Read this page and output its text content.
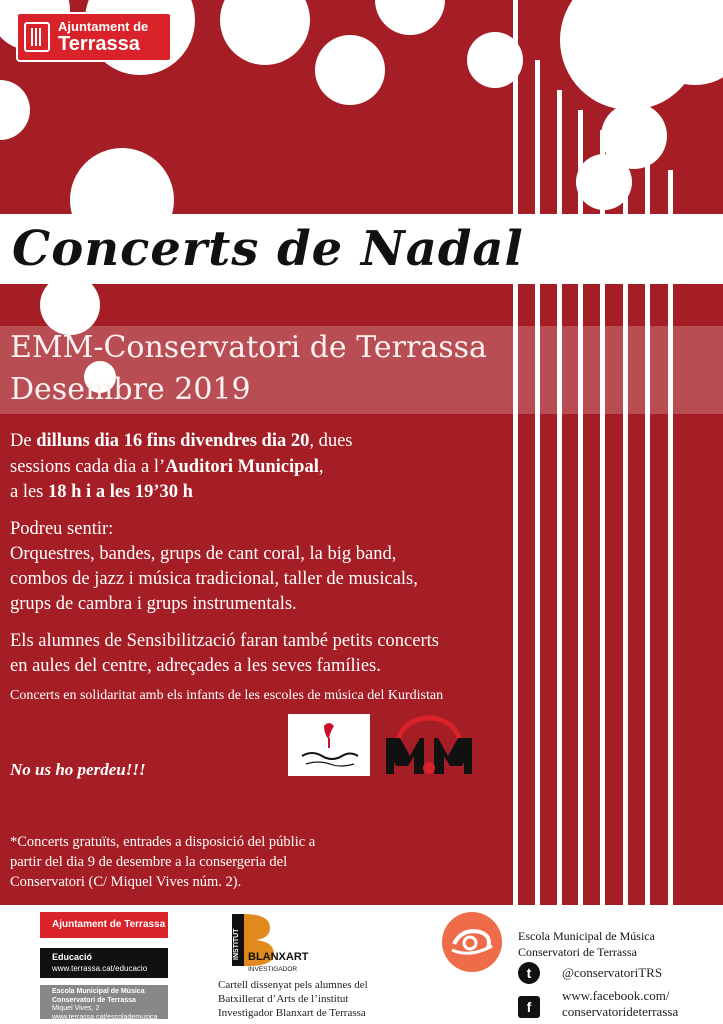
Ajuntament de
Terrassa
Concerts de Nadal
EMM-Conservatori de Terrassa
Desembre 2019
De dilluns dia 16 fins divendres dia 20, dues
sessions cada dia a l’Auditori Municipal,
a les 18 h i a les 19’30 h
Podreu sentir:
Orquestres, bandes, grups de cant coral, la big band,
combos de jazz i música tradicional, taller de musicals,
grups de cambra i grups instrumentals.
Els alumnes de Sensibilització faran també petits concerts
en aules del centre, adreçades a les seves famílies.
Concerts en solidaritat amb els infants de les escoles de música del Kurdistan
No us ho perdeu!!!
*Concerts gratuïts, entrades a disposició del públic a
partir del dia 9 de desembre a la consergeria del
Conservatori (C/ Miquel Vives núm. 2).
Ajuntament de Terrassa
Educació
www.terrassa.cat/educacio
Escola Municipal de Música
Conservatori de Terrassa
Miquel Vives, 2
www.terrassa.cat/escolademusica
INSTITUT BLANXART
INVESTIGADOR
Cartell dissenyat pels alumnes del
Batxillerat d’Arts de l’institut
Investigador Blanxart de Terrassa
Escola Municipal de Música
Conservatori de Terrassa
t	@conservatoriTRS
f
www.facebook.com/
conservatorideterrassa
